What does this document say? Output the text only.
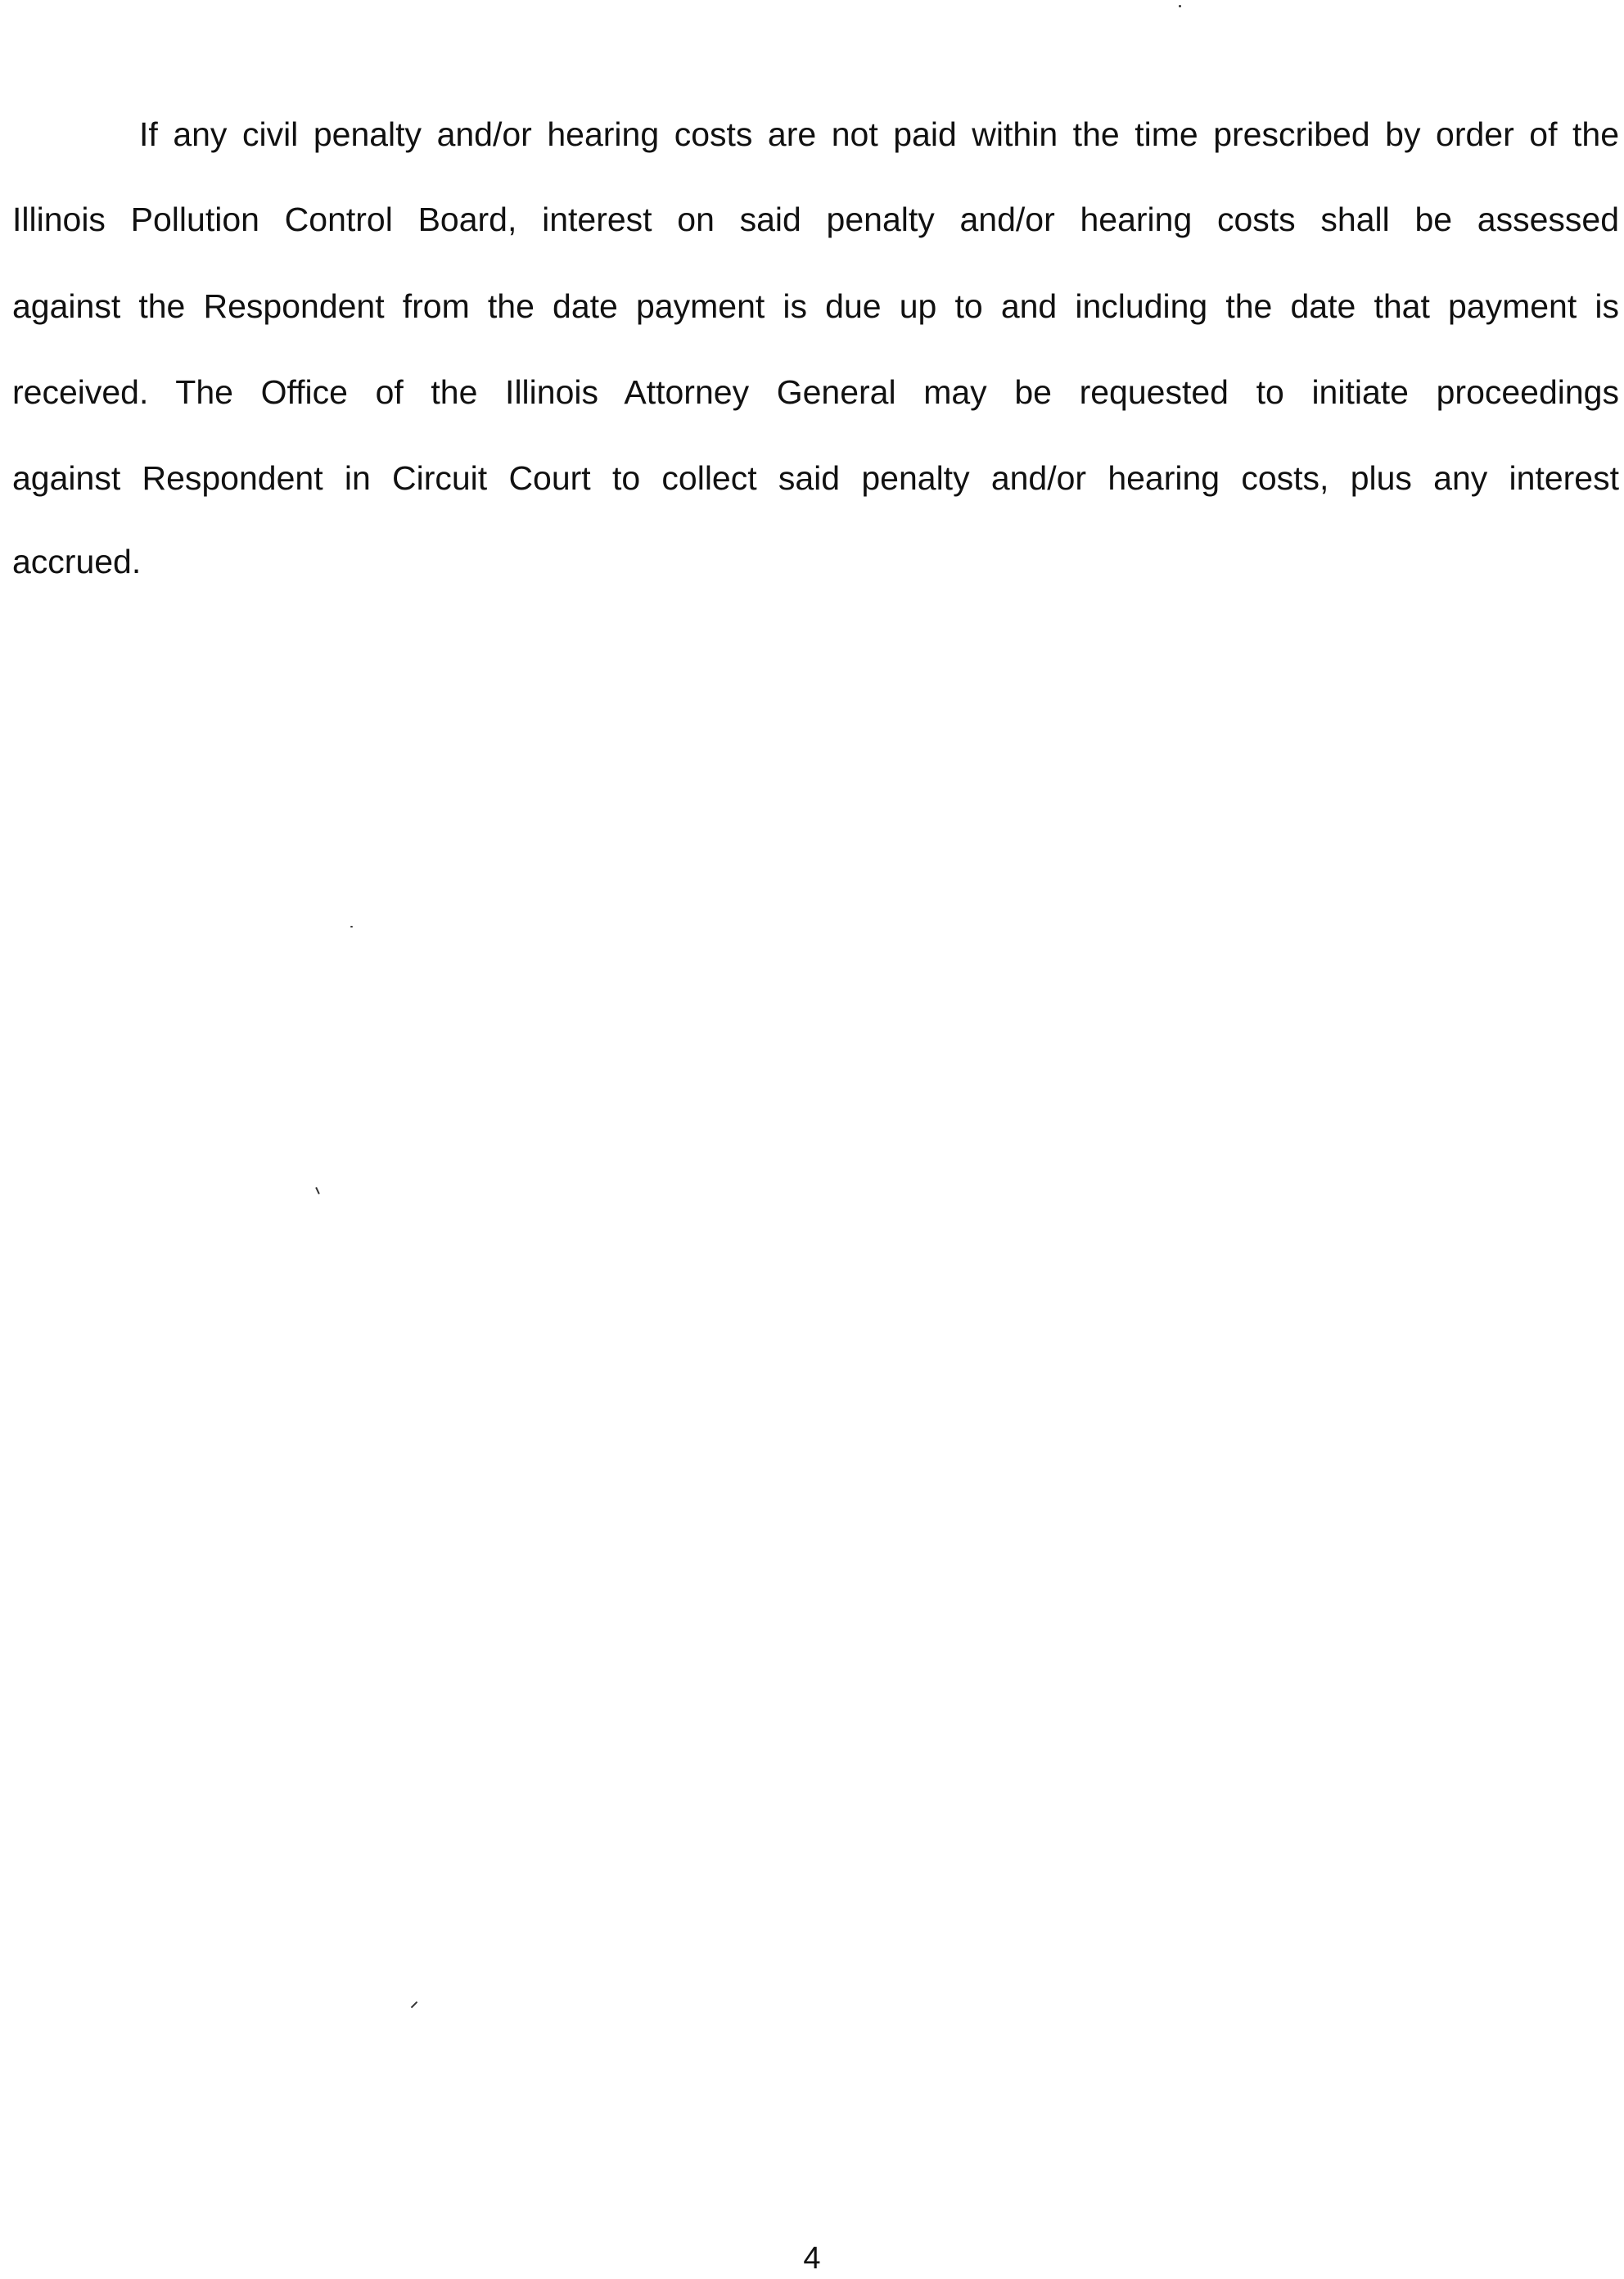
If any civil penalty and/or hearing costs are not paid within the time prescribed by order of the
Illinois Pollution Control Board, interest on said penalty and/or hearing costs shall be assessed
against the Respondent from the date payment is due up to and including the date that payment is
received. The Office of the Illinois Attorney General may be requested to initiate proceedings
against Respondent in Circuit Court to collect said penalty and/or hearing costs, plus any interest
accrued.
4
